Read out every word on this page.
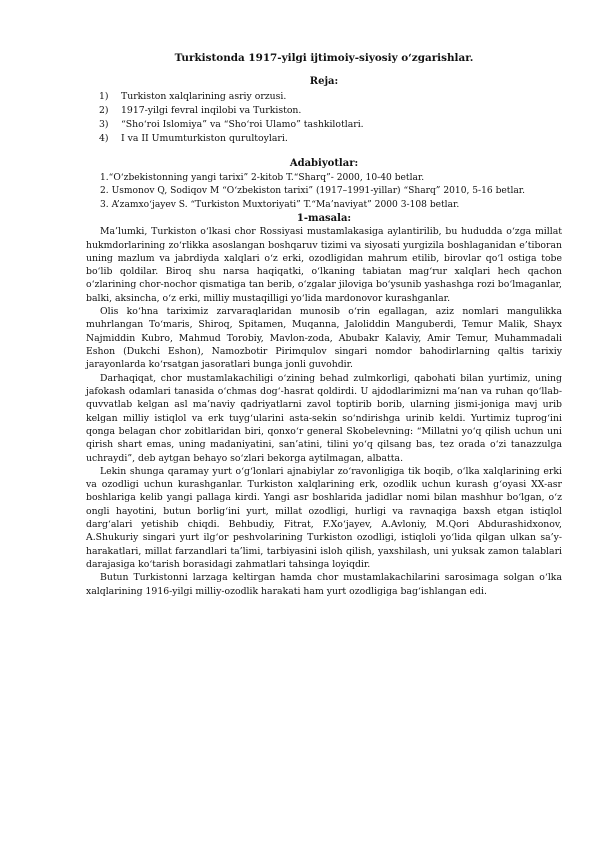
Turkistonda 1917-yilgi ijtimoiy-siyosiy o‘zgarishlar.
Reja:
1)	Turkiston xalqlarining asriy orzusi.
2)	1917-yilgi fevral inqilobi va Turkiston.
3)	“Sho‘roi Islomiya” va “Sho‘roi Ulamo” tashkilotlari.
4)	I va II Umumturkiston qurultoylari.
Adabiyotlar:

1.“O‘zbekistonning yangi tarixi” 2-kitob T.“Sharq”- 2000, 10-40 betlar.

2. Usmonov Q, Sodiqov M “O‘zbekiston tarixi” (1917–1991-yillar) “Sharq” 2010, 5-16 betlar.

3. A’zamxo‘jayev S. “Turkiston Muxtoriyati” T.“Ma’naviyat” 2000 3-108 betlar.

1-masala:

Ma’lumki, Turkiston o‘lkasi chor Rossiyasi mustamlakasiga aylantirilib, bu hududda o‘zga millat hukmdorlarining zo‘rlikka asoslangan boshqaruv tizimi va siyosati yurgizila boshlaganidan e’tiboran uning mazlum va jabrdiyda xalqlari o‘z erki, ozodligidan mahrum etilib, birovlar qo‘l ostiga tobe bo‘lib qoldilar. Biroq shu narsa haqiqatki, o‘lkaning tabiatan mag‘rur xalqlari hech qachon o‘zlarining chor-nochor qismatiga tan berib, o‘zgalar jiloviga bo‘ysunib yashashga rozi bo‘lmaganlar, balki, aksincha, o‘z erki, milliy mustaqilligi yo‘lida mardonovor kurashganlar.

Olis ko‘hna tariximiz zarvaraqlaridan munosib o‘rin egallagan, aziz nomlari mangulikka muhrlangan To‘maris, Shiroq, Spitamen, Muqanna, Jaloliddin Manguberdi, Temur Malik, Shayx Najmiddin Kubro, Mahmud Torobiy, Mavlon-zoda, Abubakr Kalaviy, Amir Temur, Muhammadali Eshon (Dukchi Eshon), Namozbotir Pirimqulov singari nomdor bahodirlarning qaltis tarixiy jarayonlarda ko‘rsatgan jasoratlari bunga jonli guvohdir.

Darhaqiqat, chor mustamlakachiligi o‘zining behad zulmkorligi, qabohati bilan yurtimiz, uning jafokash odamlari tanasida o‘chmas dog‘-hasrat qoldirdi. U ajdodlarimizni ma’nan va ruhan qo‘llab-quvvatlab kelgan asl ma’naviy qadriyatlarni zavol toptirib borib, ularning jismi-joniga mavj urib kelgan milliy istiqlol va erk tuyg‘ularini asta-sekin so‘ndirishga urinib keldi. Yurtimiz tuprog‘ini qonga belagan chor zobitlaridan biri, qonxo‘r general Skobelevning: “Millatni yo‘q qilish uchun uni qirish shart emas, uning madaniyatini, san’atini, tilini yo‘q qilsang bas, tez orada o‘zi tanazzulga uchraydi”, deb aytgan behayo so‘zlari bekorga aytilmagan, albatta.

Lekin shunga qaramay yurt o‘g‘lonlari ajnabiylar zo‘ravonligiga tik boqib, o‘lka xalqlarining erki va ozodligi uchun kurashganlar. Turkiston xalqlarining erk, ozodlik uchun kurash g‘oyasi XX-asr boshlariga kelib yangi pallaga kirdi. Yangi asr boshlarida jadidlar nomi bilan mashhur bo‘lgan, o‘z ongli hayotini, butun borlig‘ini yurt, millat ozodligi, hurligi va ravnaqiga baxsh etgan istiqlol darg‘alari yetishib chiqdi. Behbudiy, Fitrat, F.Xo‘jayev, A.Avloniy, M.Qori Abdurashidxonov, A.Shukuriy singari yurt ilg‘or peshvolarining Turkiston ozodligi, istiqloli yo‘lida qilgan ulkan sa’y-harakatlari, millat farzandlari ta’limi, tarbiyasini isloh qilish, yaxshilash, uni yuksak zamon talablari darajasiga ko‘tarish borasidagi zahmatlari tahsinga loyiqdir.

Butun Turkistonni larzaga keltirgan hamda chor mustamlakachilarini sarosimaga solgan o‘lka xalqlarining 1916-yilgi milliy-ozodlik harakati ham yurt ozodligiga bag‘ishlangan edi.
